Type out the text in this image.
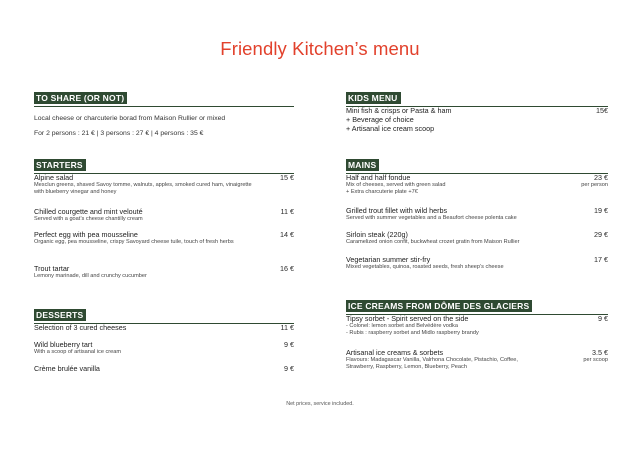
Friendly Kitchen’s menu
TO SHARE (OR NOT)
Local cheese or charcuterie borad from Maison Rullier or mixed
For 2 persons : 21 € | 3 persons : 27 € | 4 persons : 35 €
STARTERS
Alpine salad
Mesclun greens, shaved Savoy tomme, walnuts, apples, smoked cured ham, vinaigrette with blueberry vinegar and honey
15 €
Chilled courgette and mint velouté
Served with a goat’s cheese chantilly cream
11 €
Perfect egg with pea mousseline
Organic egg, pea mousseline, crispy Savoyard cheese tuile, touch of fresh herbs
14 €
Trout tartar
Lemony marinade, dill and crunchy cucumber
16 €
DESSERTS
Selection of 3 cured cheeses	11 €
Wild blueberry tart
With a scoop of artisanal ice cream
9 €
Crème brulée vanilla	9 €
KIDS MENU
Mini fish & crisps or Pasta & ham
+ Beverage of choice
+ Artisanal ice cream scoop
15€
MAINS
Half and half fondue
Mix of cheeses, served with green salad
+ Extra charcuterie plate +7€
23 €
per person
Grilled trout fillet with wild herbs
Served with summer vegetables and a Beaufort cheese polenta cake
19 €
Sirloin steak (220g)
Caramelized onion confit, buckwheat crozet gratin from Maison Rullier
29 €
Vegetarian summer stir-fry
Mixed vegetables, quinoa, roasted seeds, fresh sheep’s cheese
17 €
ICE CREAMS FROM DÔME DES GLACIERS
Tipsy sorbet - Spirit served on the side
- Colonel: lemon sorbet and Belvédère vodka
- Rubis : raspberry sorbet and Midlo raspberry brandy
9 €
Artisanal ice creams & sorbets
Flavours: Madagascar Vanilla, Valrhona Chocolate, Pistachio, Coffee,
Strawberry, Raspberry, Lemon, Blueberry, Peach
3.5 €
per scoop
Net prices, service included.
